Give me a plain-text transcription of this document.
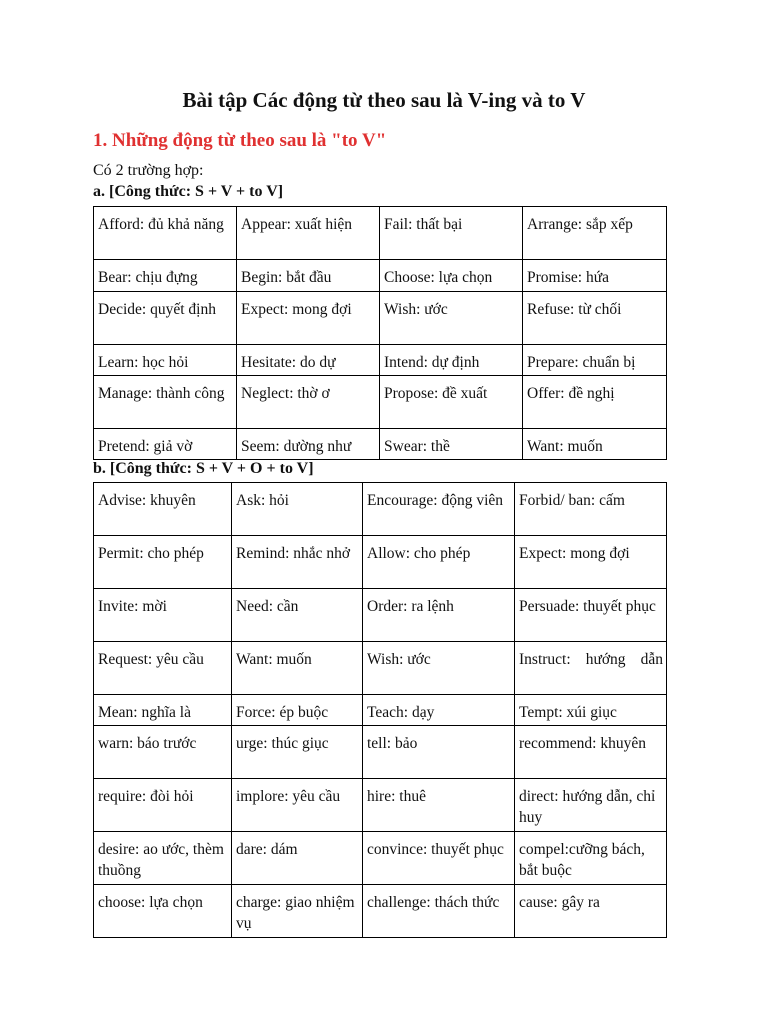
Bài tập Các động từ theo sau là V-ing và to V
1. Những động từ theo sau là "to V"

Có 2 trường hợp:

a. [Công thức: S + V + to V]

Afford: đủ khả năng	Appear: xuất hiện	Fail: thất bại	Arrange: sắp xếp
Bear: chịu đựng	Begin: bắt đầu	Choose: lựa chọn	Promise: hứa
Decide: quyết định	Expect: mong đợi	Wish: ước	Refuse: từ chối
Learn: học hỏi	Hesitate: do dự	Intend: dự định	Prepare: chuẩn bị
Manage: thành công	Neglect: thờ ơ	Propose: đề xuất	Offer: đề nghị
Pretend: giả vờ	Seem: dường như	Swear: thề	Want: muốn

b. [Công thức: S + V + O + to V]

Advise: khuyên	Ask: hỏi	Encourage: động viên	Forbid/ ban: cấm
Permit: cho phép	Remind: nhắc nhở	Allow: cho phép	Expect: mong đợi
Invite: mời	Need: cần	Order: ra lệnh	Persuade: thuyết phục
Request: yêu cầu	Want: muốn	Wish: ước	Instruct: hướng dẫn
Mean: nghĩa là	Force: ép buộc	Teach: dạy	Tempt: xúi giục
warn: báo trước	urge: thúc giục	tell: bảo	recommend: khuyên
require: đòi hỏi	implore: yêu cầu	hire: thuê	direct: hướng dẫn, chỉ huy
desire: ao ước, thèm thuồng	dare: dám	convince: thuyết phục	compel:cưỡng bách, bắt buộc
choose: lựa chọn	charge: giao nhiệm vụ	challenge: thách thức	cause: gây ra
